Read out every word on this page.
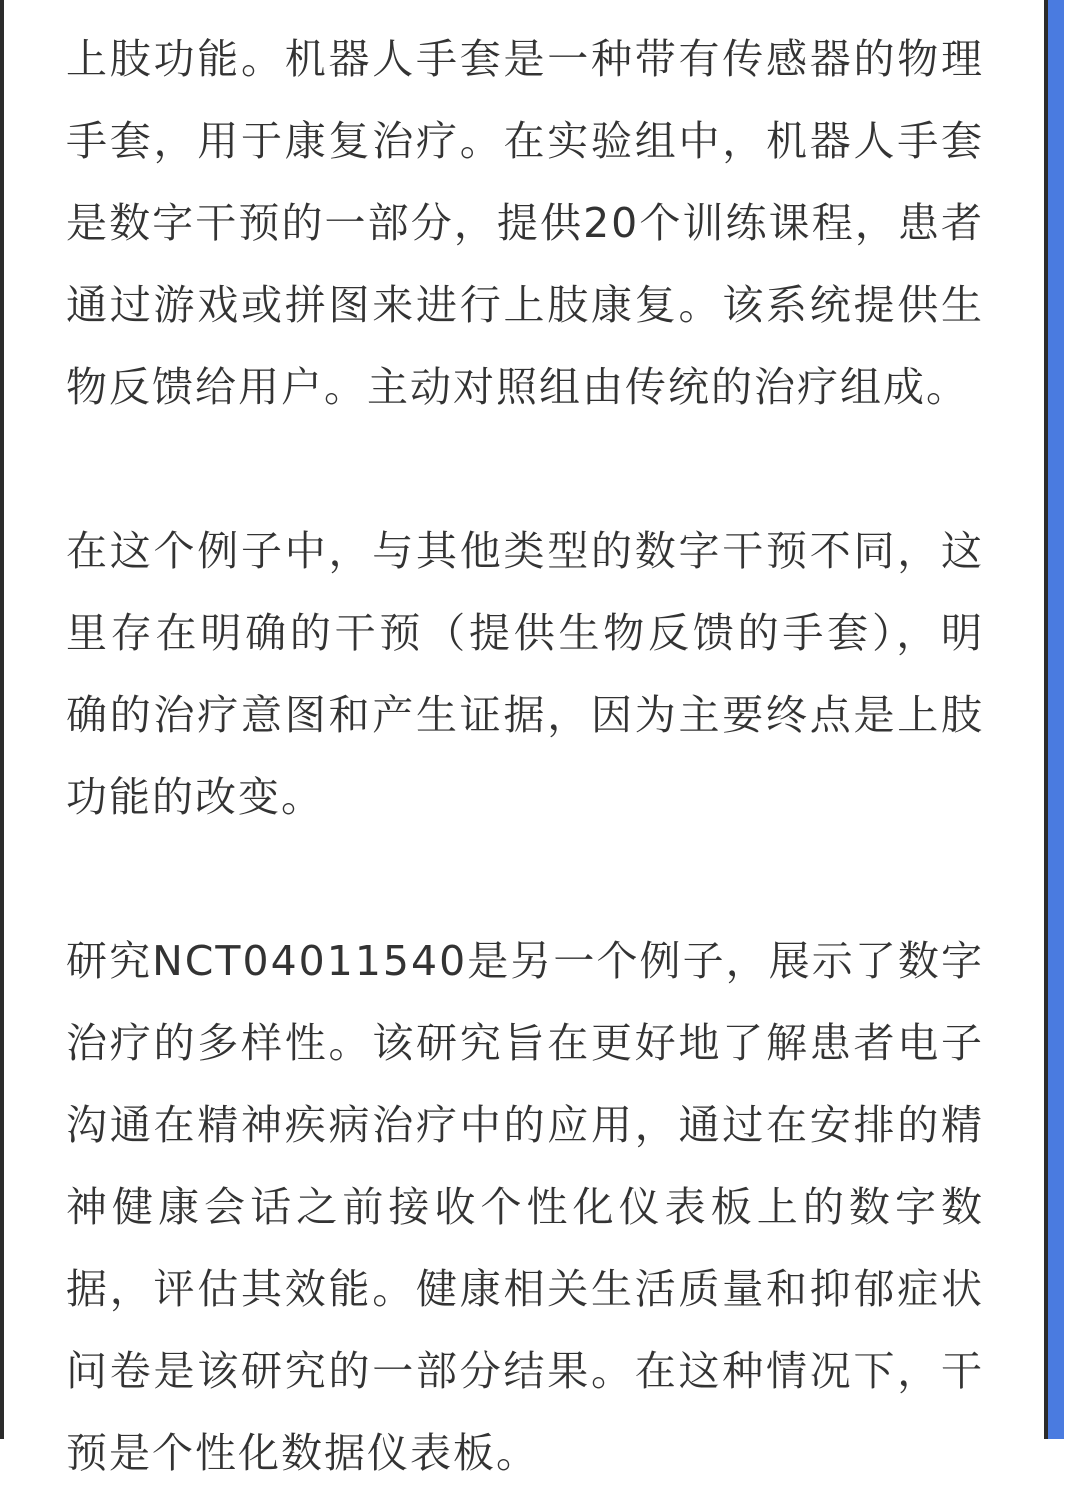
上肢功能。机器人手套是一种带有传感器的物理手套，用于康复治疗。在实验组中，机器人手套是数字干预的一部分，提供20个训练课程，患者通过游戏或拼图来进行上肢康复。该系统提供生物反馈给用户。主动对照组由传统的治疗组成。

在这个例子中，与其他类型的数字干预不同，这里存在明确的干预（提供生物反馈的手套），明确的治疗意图和产生证据，因为主要终点是上肢功能的改变。

研究NCT04011540是另一个例子，展示了数字治疗的多样性。该研究旨在更好地了解患者电子沟通在精神疾病治疗中的应用，通过在安排的精神健康会话之前接收个性化仪表板上的数字数据，评估其效能。健康相关生活质量和抑郁症状问卷是该研究的一部分结果。在这种情况下，干预是个性化数据仪表板。
